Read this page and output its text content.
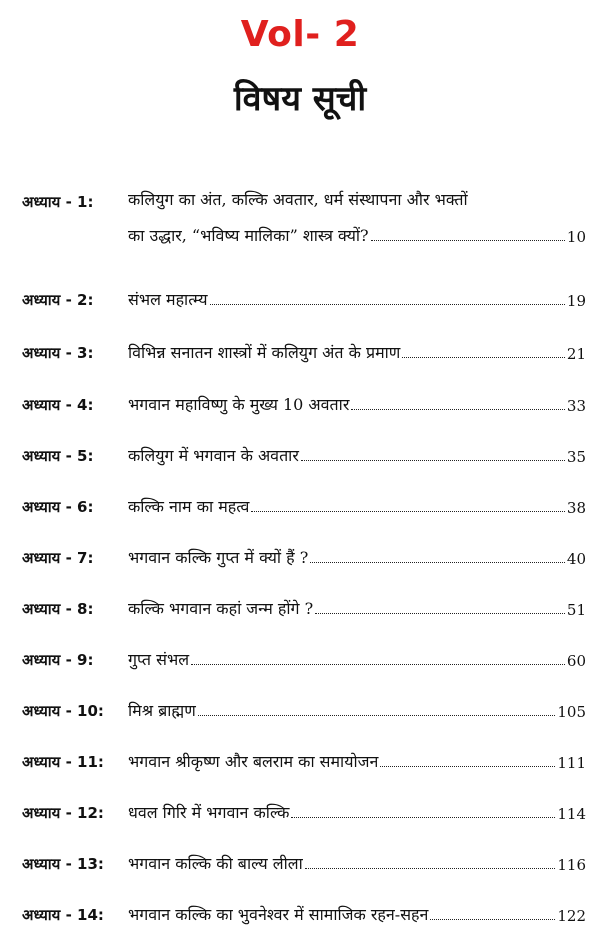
Vol- 2
विषय सूची
अध्याय - 1: कलियुग का अंत, कल्कि अवतार, धर्म संस्थापना और भक्तों
का उद्धार, “भविष्य मालिका” शास्त्र क्यों?	10
अध्याय - 2: संभल महात्म्य	19
अध्याय - 3: विभिन्न सनातन शास्त्रों में कलियुग अंत के प्रमाण	21
अध्याय - 4: भगवान महाविष्णु के मुख्य 10 अवतार	33
अध्याय - 5: कलियुग में भगवान के अवतार	35
अध्याय - 6: कल्कि नाम का महत्व	38
अध्याय - 7: भगवान कल्कि गुप्त में क्यों हैं ?	40
अध्याय - 8: कल्कि भगवान कहां जन्म होंगे ?	51
अध्याय - 9: गुप्त संभल	60
अध्याय - 10: मिश्र ब्राह्मण	105
अध्याय - 11: भगवान श्रीकृष्ण और बलराम का समायोजन	111
अध्याय - 12: धवल गिरि में भगवान कल्कि	114
अध्याय - 13: भगवान कल्कि की बाल्य लीला	116
अध्याय - 14: भगवान कल्कि का भुवनेश्वर में सामाजिक रहन-सहन	122
